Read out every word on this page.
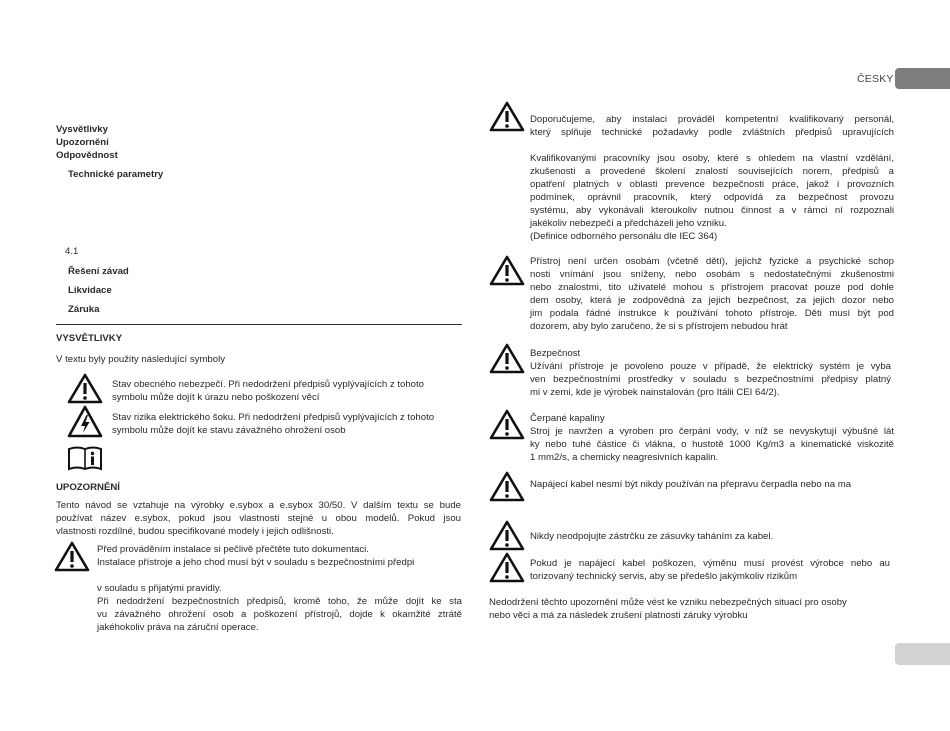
ČESKY
Vysvětlivky
Upozornění
Odpovědnost
Technické parametry
4.1
Řešení závad
Likvidace
Záruka
VYSVĚTLIVKY
V textu byly použity následující symboly
Stav obecného nebezpečí. Při nedodržení předpisů vyplývajících z tohoto
symbolu může dojít k úrazu nebo poškození věcí
Stav rizika elektrického šoku. Při nedodržení předpisů vyplývajících z tohoto
symbolu může dojít ke stavu závažného ohrožení osob
UPOZORNĚNÍ
Tento návod se vztahuje na výrobky e.sybox a e.sybox 30/50. V dalším textu se bude
používat název e.sybox, pokud jsou vlastnosti stejné u obou modelů. Pokud jsou
vlastnosti rozdílné, budou specifikované modely i jejich odlišnosti.
Před prováděním instalace si pečlivě přečtěte tuto dokumentaci.
Instalace přístroje a jeho chod musí být v souladu s bezpečnostními předpi
v souladu s přijatými pravidly.
Při nedodržení bezpečnostních předpisů, kromě toho, že může dojít ke sta
vu závažného ohrožení osob a poškození přístrojů, dojde k okamžité ztrátě
jakéhokoliv práva na záruční operace.
Doporučujeme, aby instalaci prováděl kompetentní kvalifikovaný personál,
který splňuje technické požadavky podle zvláštních předpisů upravujících
Kvalifikovanými pracovníky jsou osoby, které s ohledem na vlastní vzdělání,
zkušenosti a provedené školení znalostí souvisejících norem, předpisů a
opatření platných v oblasti prevence bezpečnosti práce, jakož i provozních
podmínek, oprávnil pracovník, který odpovídá za bezpečnost provozu
systému, aby vykonávali kteroukoliv nutnou činnost a v rámci ní rozpoznali
jakékoliv nebezpečí a předcházeli jeho vzniku.
(Definice odborného personálu dle IEC 364)
Přístroj není určen osobám (včetně dětí), jejichž fyzické a psychické schop
nosti vnímání jsou sníženy, nebo osobám s nedostatečnými zkušenostmi
nebo znalostmi, tito uživatelé mohou s přístrojem pracovat pouze pod dohle
dem osoby, která je zodpovědná za jejich bezpečnost, za jejich dozor nebo
jim podala řádné instrukce k používání tohoto přístroje. Děti musí být pod
dozorem, aby bylo zaručeno, že si s přístrojem nebudou hrát
Bezpečnost
Užívání přístroje je povoleno pouze v případě, že elektrický systém je vyba
ven bezpečnostními prostředky v souladu s bezpečnostními předpisy platný
mi v zemi, kde je výrobek nainstalován (pro Itálii CEI 64/2).
Čerpané kapaliny
Stroj je navržen a vyroben pro čerpání vody, v níž se nevyskytují výbušné lát
ky nebo tuhé částice či vlákna, o hustotě 1000 Kg/m3 a kinematické viskozitě
1 mm2/s, a chemicky neagresivních kapalin.
Napájecí kabel nesmí být nikdy používán na přepravu čerpadla nebo na ma
Nikdy neodpojujte zástrčku ze zásuvky taháním za kabel.
Pokud je napájecí kabel poškozen, výměnu musí provést výrobce nebo au
torizovaný technický servis, aby se předešlo jakýmkoliv rizikům
Nedodržení těchto upozornění může vést ke vzniku nebezpečných situací pro osoby
nebo věci a má za následek zrušení platnosti záruky výrobku
